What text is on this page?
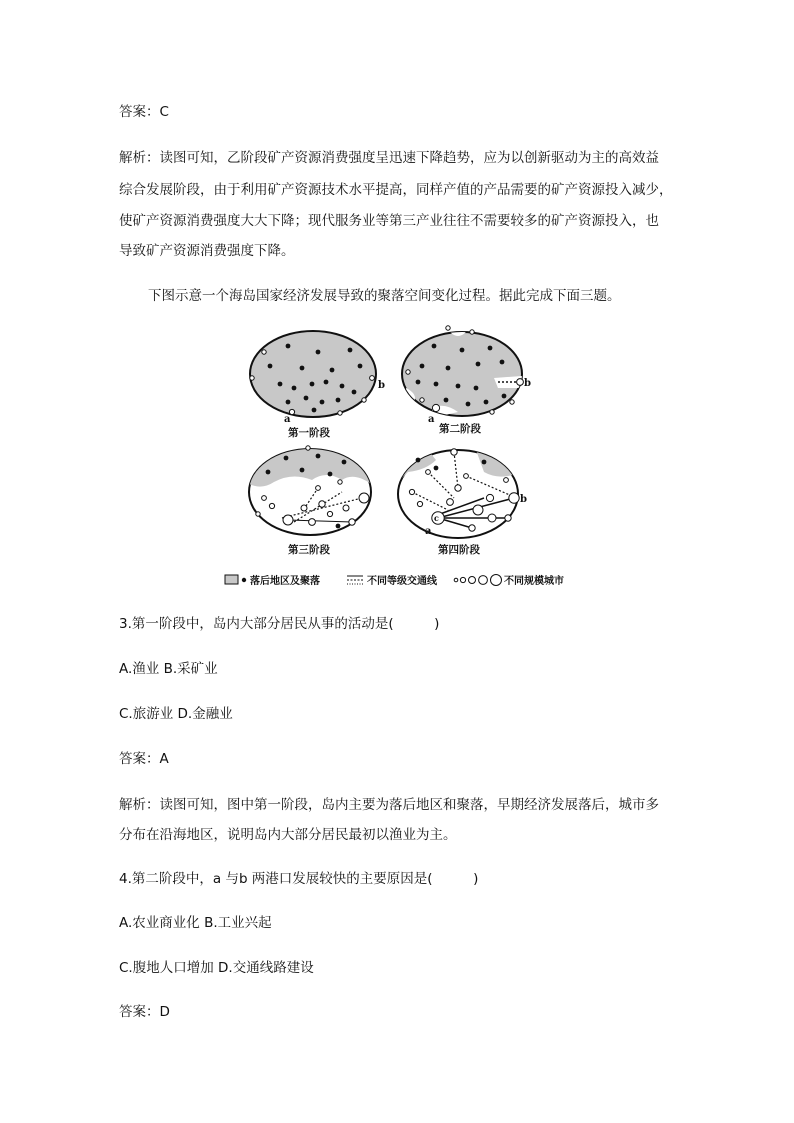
答案：C
解析：读图可知，乙阶段矿产资源消费强度呈迅速下降趋势，应为以创新驱动为主的高效益
综合发展阶段，由于利用矿产资源技术水平提高，同样产值的产品需要的矿产资源投入减少，
使矿产资源消费强度大大下降；现代服务业等第三产业往往不需要较多的矿产资源投入，也
导致矿产资源消费强度下降。
下图示意一个海岛国家经济发展导致的聚落空间变化过程。据此完成下面三题。
b
a
第一阶段
b
a
第二阶段
第三阶段
b
a
c
第四阶段
落后地区及聚落	不同等级交通线	不同规模城市
3.第一阶段中，岛内大部分居民从事的活动是(　　　)
A.渔业 B.采矿业
C.旅游业 D.金融业
答案：A
解析：读图可知，图中第一阶段，岛内主要为落后地区和聚落，早期经济发展落后，城市多
分布在沿海地区，说明岛内大部分居民最初以渔业为主。
4.第二阶段中，a 与b 两港口发展较快的主要原因是(　　　)
A.农业商业化 B.工业兴起
C.腹地人口增加 D.交通线路建设
答案：D
